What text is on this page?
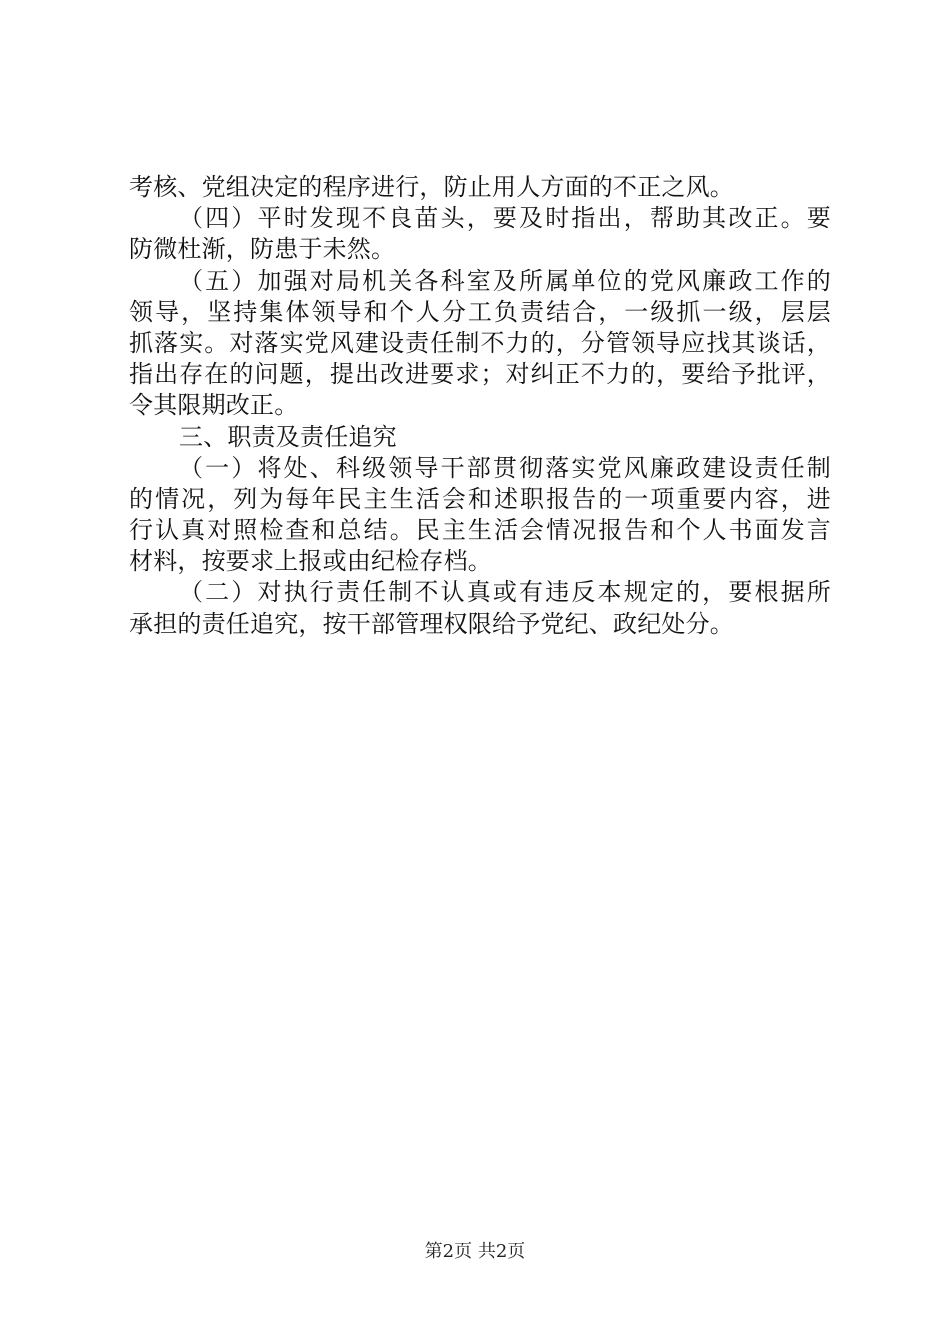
考核、党组决定的程序进行，防止用人方面的不正之风。
（四）平时发现不良苗头，要及时指出，帮助其改正。要
防微杜渐，防患于未然。
（五）加强对局机关各科室及所属单位的党风廉政工作的
领导，坚持集体领导和个人分工负责结合，一级抓一级，层层
抓落实。对落实党风建设责任制不力的，分管领导应找其谈话，
指出存在的问题，提出改进要求；对纠正不力的，要给予批评，
令其限期改正。
三、职责及责任追究
（一）将处、科级领导干部贯彻落实党风廉政建设责任制
的情况，列为每年民主生活会和述职报告的一项重要内容，进
行认真对照检查和总结。民主生活会情况报告和个人书面发言
材料，按要求上报或由纪检存档。
（二）对执行责任制不认真或有违反本规定的，要根据所
承担的责任追究，按干部管理权限给予党纪、政纪处分。
第2页 共2页
